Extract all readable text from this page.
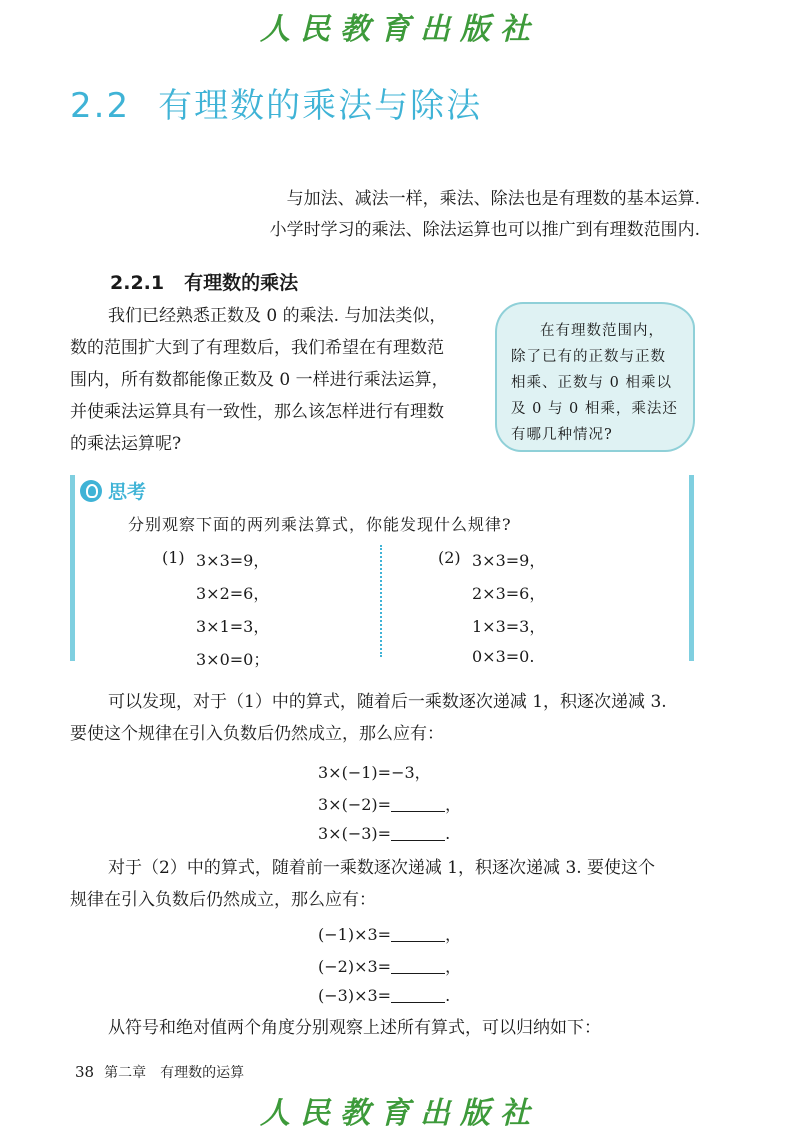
人民教育出版社
2.2 有理数的乘法与除法
与加法、减法一样，乘法、除法也是有理数的基本运算.
小学时学习的乘法、除法运算也可以推广到有理数范围内.
2.2.1 有理数的乘法
我们已经熟悉正数及 0 的乘法. 与加法类似，
数的范围扩大到了有理数后，我们希望在有理数范
围内，所有数都能像正数及 0 一样进行乘法运算，
并使乘法运算具有一致性，那么该怎样进行有理数
的乘法运算呢?
在有理数范围内，除了已有的正数与正数相乘、正数与 0 相乘以及 0 与 0 相乘，乘法还有哪几种情况?
思考
分别观察下面的两列乘法算式，你能发现什么规律?
(1) 3×3=9，
3×2=6，
3×1=3，
3×0=0；
(2) 3×3=9，
2×3=6，
1×3=3，
0×3=0.
可以发现，对于（1）中的算式，随着后一乘数逐次递减 1，积逐次递减 3.
要使这个规律在引入负数后仍然成立，那么应有：
3×(−1)=−3，
3×(−2)=	，
3×(−3)=	.
对于（2）中的算式，随着前一乘数逐次递减 1，积逐次递减 3. 要使这个
规律在引入负数后仍然成立，那么应有：
(−1)×3=	，
(−2)×3=	，
(−3)×3=	.
从符号和绝对值两个角度分别观察上述所有算式，可以归纳如下：
38 第二章　有理数的运算
人民教育出版社
